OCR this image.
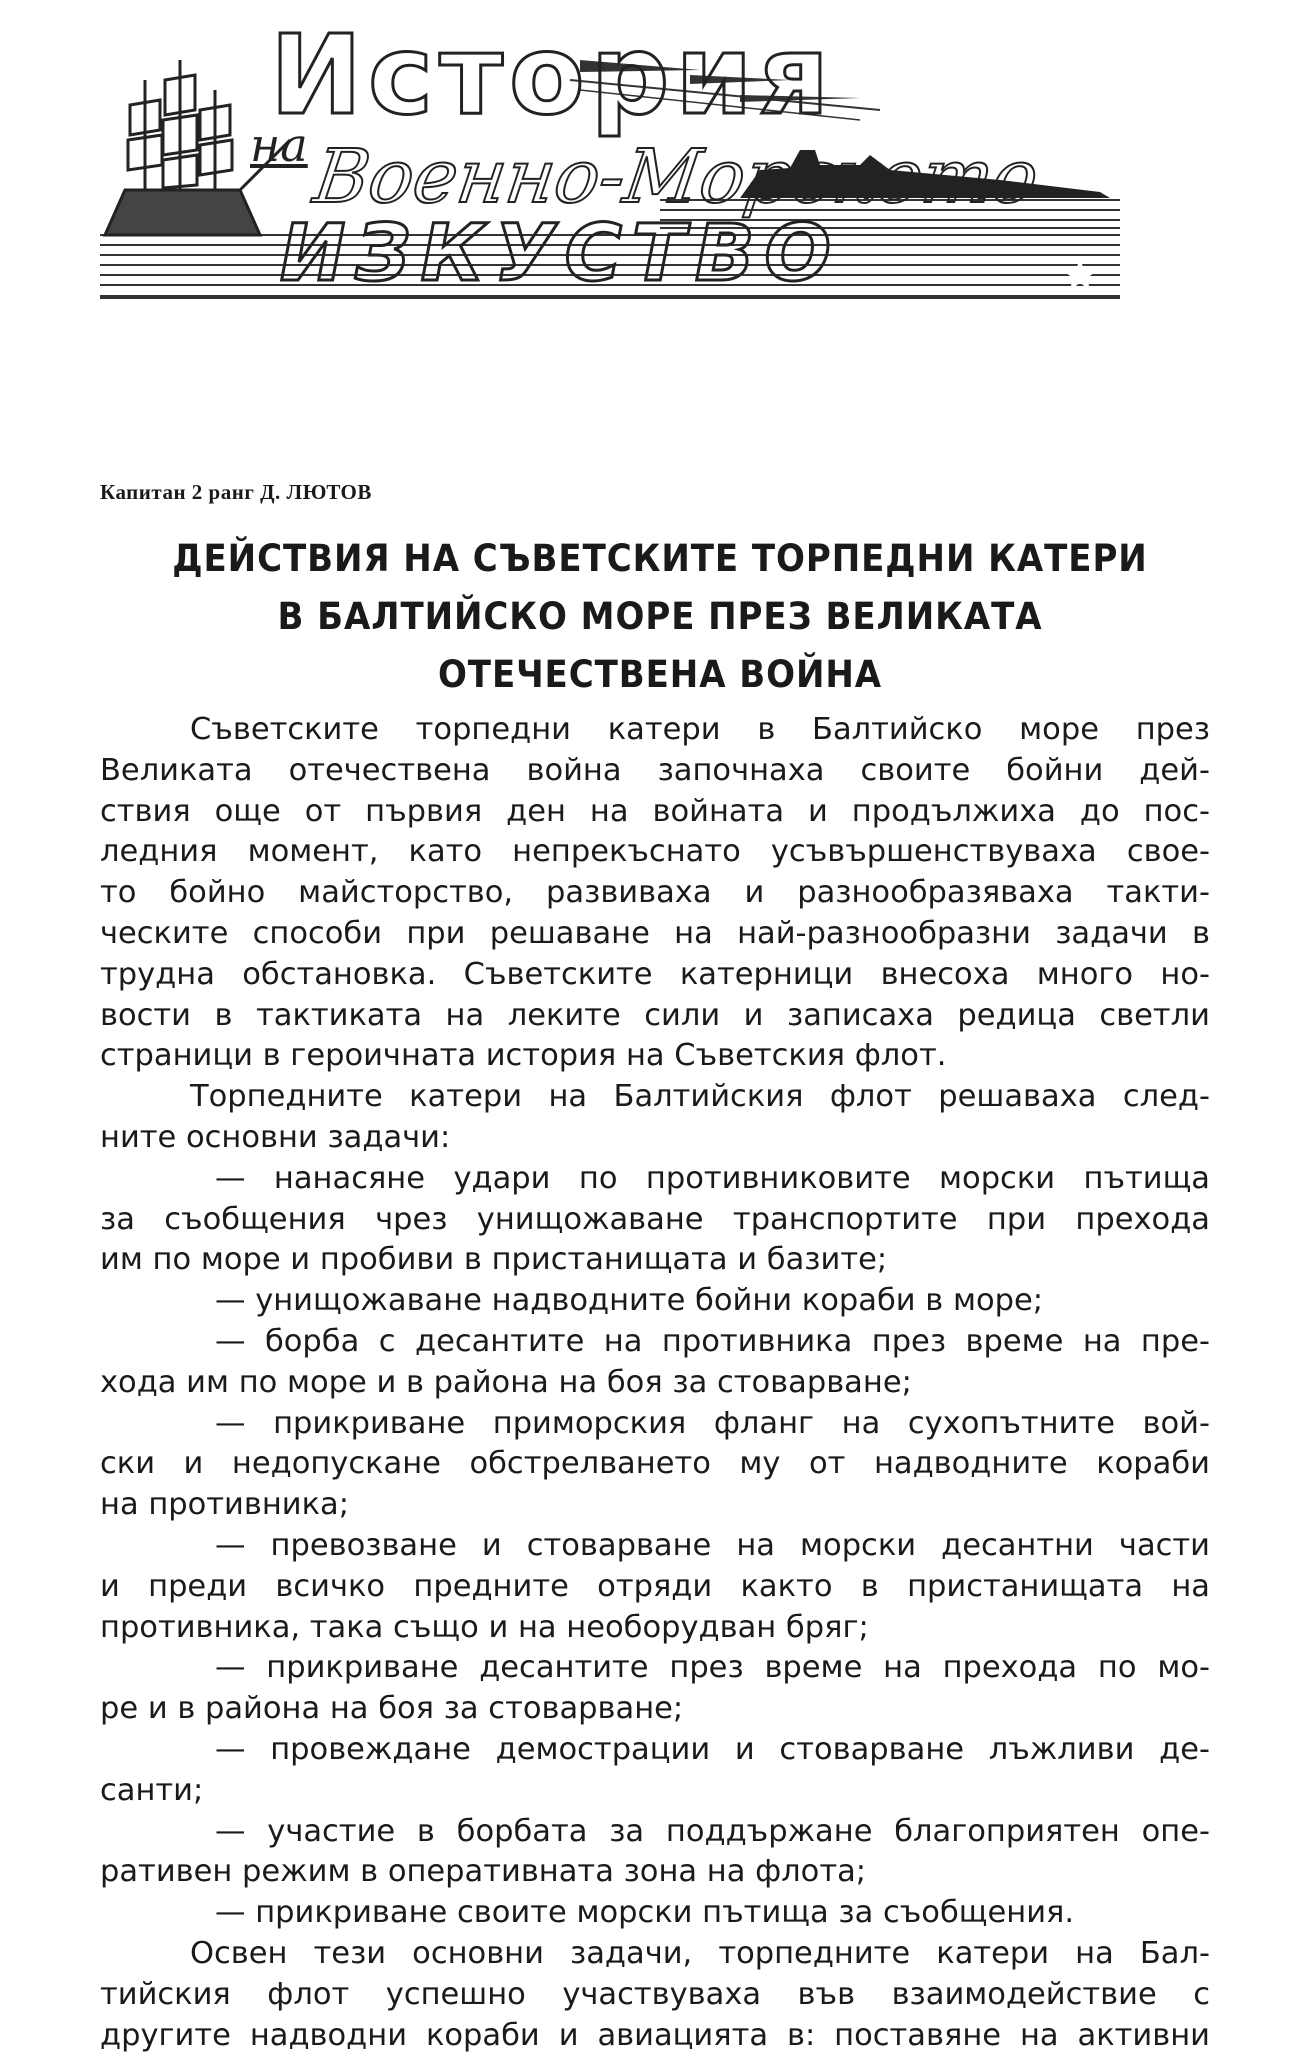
История
на Военно-Морското
ИЗКУСТВО
Капитан 2 ранг Д. ЛЮТОВ
ДЕЙСТВИЯ НА СЪВЕТСКИТЕ ТОРПЕДНИ КАТЕРИ
В БАЛТИЙСКО МОРЕ ПРЕЗ ВЕЛИКАТА
ОТЕЧЕСТВЕНА ВОЙНА
Съветските торпедни катери в Балтийско море през
Великата отечествена война започнаха своите бойни дей-
ствия още от първия ден на войната и продължиха до пос-
ледния момент, като непрекъснато усъвършенствуваха свое-
то бойно майсторство, развиваха и разнообразяваха такти-
ческите способи при решаване на най-разнообразни задачи в
трудна обстановка. Съветските катерници внесоха много но-
вости в тактиката на леките сили и записаха редица светли
страници в героичната история на Съветския флот.
Торпедните катери на Балтийския флот решаваха след-
ните основни задачи:
— нанасяне удари по противниковите морски пътища
за съобщения чрез унищожаване транспортите при прехода
им по море и пробиви в пристанищата и базите;
— унищожаване надводните бойни кораби в море;
— борба с десантите на противника през време на пре-
хода им по море и в района на боя за стоварване;
— прикриване приморския фланг на сухопътните вой-
ски и недопускане обстрелването му от надводните кораби
на противника;
— превозване и стоварване на морски десантни части
и преди всичко предните отряди както в пристанищата на
противника, така също и на необорудван бряг;
— прикриване десантите през време на прехода по мо-
ре и в района на боя за стоварване;
— провеждане демострации и стоварване лъжливи де-
санти;
— участие в борбата за поддържане благоприятен опе-
ративен режим в оперативната зона на флота;
— прикриване своите морски пътища за съобщения.
Освен тези основни задачи, торпедните катери на Бал-
тийския флот успешно участвуваха във взаимодействие с
другите надводни кораби и авиацията в: поставяне на активни
